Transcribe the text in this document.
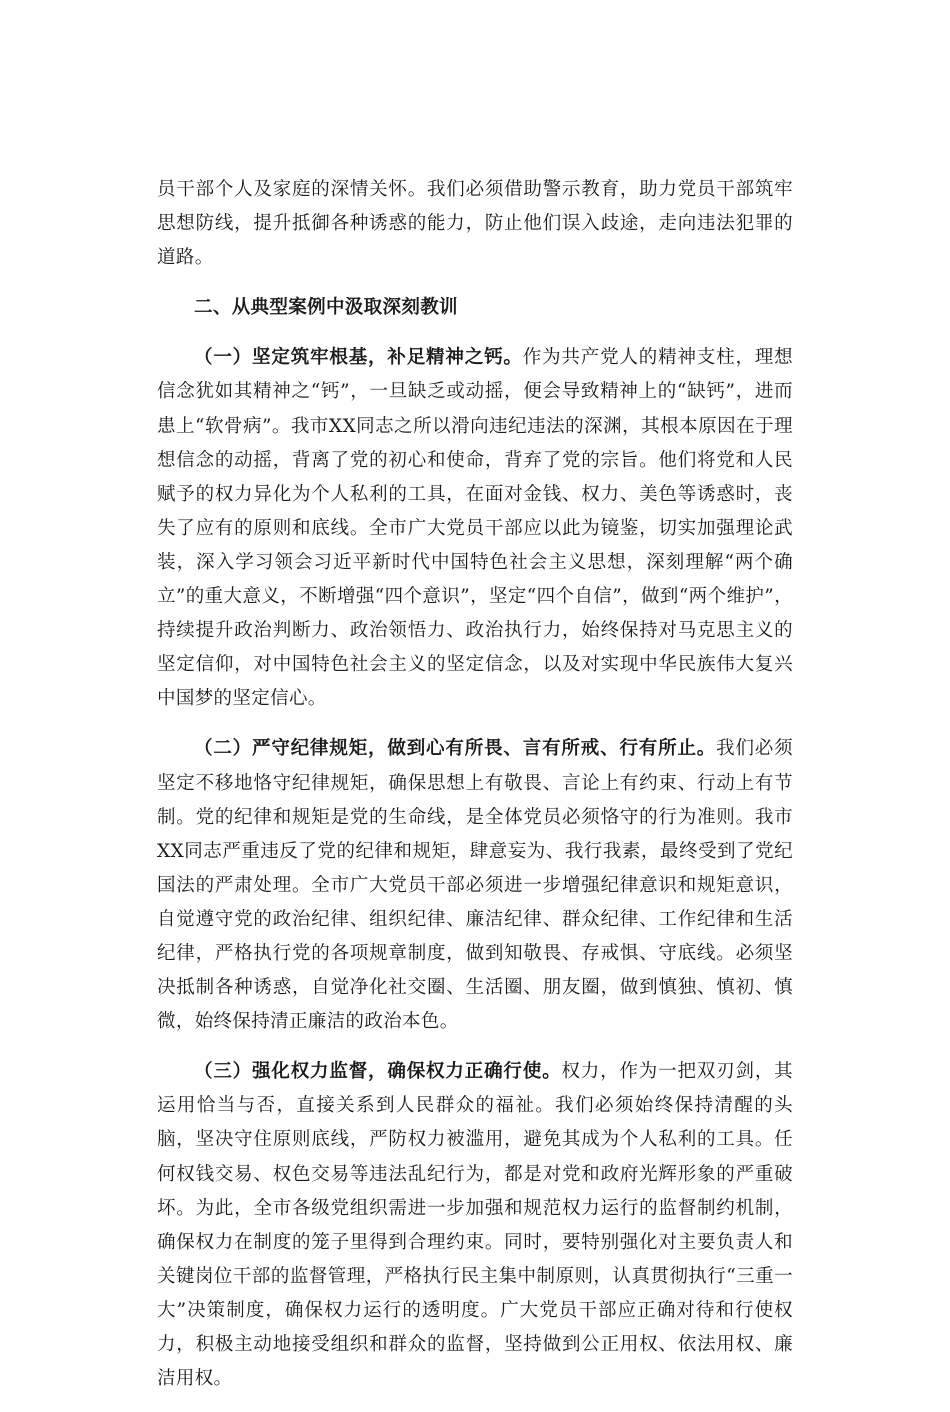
员干部个人及家庭的深情关怀。我们必须借助警示教育，助力党员干部筑牢思想防线，提升抵御各种诱惑的能力，防止他们误入歧途，走向违法犯罪的道路。

二、从典型案例中汲取深刻教训

（一）坚定筑牢根基，补足精神之钙。作为共产党人的精神支柱，理想信念犹如其精神之“钙”，一旦缺乏或动摇，便会导致精神上的“缺钙”，进而患上“软骨病”。我市XX同志之所以滑向违纪违法的深渊，其根本原因在于理想信念的动摇，背离了党的初心和使命，背弃了党的宗旨。他们将党和人民赋予的权力异化为个人私利的工具，在面对金钱、权力、美色等诱惑时，丧失了应有的原则和底线。全市广大党员干部应以此为镜鉴，切实加强理论武装，深入学习领会习近平新时代中国特色社会主义思想，深刻理解“两个确立”的重大意义，不断增强“四个意识”，坚定“四个自信”，做到“两个维护”，持续提升政治判断力、政治领悟力、政治执行力，始终保持对马克思主义的坚定信仰，对中国特色社会主义的坚定信念，以及对实现中华民族伟大复兴中国梦的坚定信心。

（二）严守纪律规矩，做到心有所畏、言有所戒、行有所止。我们必须坚定不移地恪守纪律规矩，确保思想上有敬畏、言论上有约束、行动上有节制。党的纪律和规矩是党的生命线，是全体党员必须恪守的行为准则。我市XX同志严重违反了党的纪律和规矩，肆意妄为、我行我素，最终受到了党纪国法的严肃处理。全市广大党员干部必须进一步增强纪律意识和规矩意识，自觉遵守党的政治纪律、组织纪律、廉洁纪律、群众纪律、工作纪律和生活纪律，严格执行党的各项规章制度，做到知敬畏、存戒惧、守底线。必须坚决抵制各种诱惑，自觉净化社交圈、生活圈、朋友圈，做到慎独、慎初、慎微，始终保持清正廉洁的政治本色。

（三）强化权力监督，确保权力正确行使。权力，作为一把双刃剑，其运用恰当与否，直接关系到人民群众的福祉。我们必须始终保持清醒的头脑，坚决守住原则底线，严防权力被滥用，避免其成为个人私利的工具。任何权钱交易、权色交易等违法乱纪行为，都是对党和政府光辉形象的严重破坏。为此，全市各级党组织需进一步加强和规范权力运行的监督制约机制，确保权力在制度的笼子里得到合理约束。同时，要特别强化对主要负责人和关键岗位干部的监督管理，严格执行民主集中制原则，认真贯彻执行“三重一大”决策制度，确保权力运行的透明度。广大党员干部应正确对待和行使权力，积极主动地接受组织和群众的监督，坚持做到公正用权、依法用权、廉洁用权。
